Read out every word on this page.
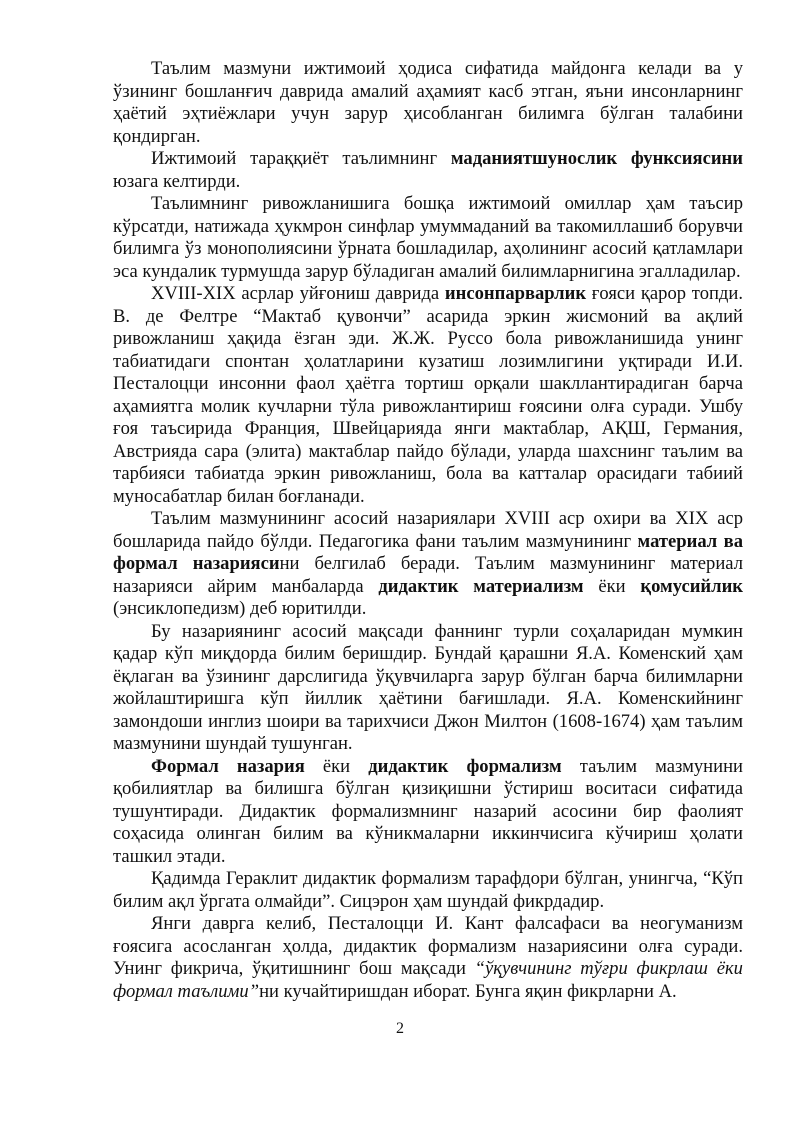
Таълим мазмуни ижтимоий ҳодиса сифатида майдонга келади ва у ўзининг бошланғич даврида амалий аҳамият касб этган, яъни инсонларнинг ҳаётий эҳтиёжлари учун зарур ҳисобланган билимга бўлган талабини қондирган.

Ижтимоий тараққиёт таълимнинг маданиятшунослик функсиясини юзага келтирди.

Таълимнинг ривожланишига бошқа ижтимоий омиллар ҳам таъсир кўрсатди, натижада ҳукмрон синфлар умуммаданий ва такомиллашиб борувчи билимга ўз монополиясини ўрната бошладилар, аҳолининг асосий қатламлари эса кундалик турмушда зарур бўладиган амалий билимларнигина эгалладилар.

XVIII-XIX асрлар уйғониш даврида инсонпарварлик ғояси қарор топди. В. де Фелтре “Мактаб қувончи” асарида эркин жисмоний ва ақлий ривожланиш ҳақида ёзган эди. Ж.Ж. Руссо бола ривожланишида унинг табиатидаги спонтан ҳолатларини кузатиш лозимлигини уқтиради И.И. Песталоцци инсонни фаол ҳаётга тортиш орқали шакллантирадиган барча аҳамиятга молик кучларни тўла ривожлантириш ғоясини олға суради. Ушбу ғоя таъсирида Франция, Швейцарияда янги мактаблар, АҚШ, Германия, Австрияда сара (элита) мактаблар пайдо бўлади, уларда шахснинг таълим ва тарбияси табиатда эркин ривожланиш, бола ва катталар орасидаги табиий муносабатлар билан боғланади.

Таълим мазмунининг асосий назариялари XVIII аср охири ва XIX аср бошларида пайдо бўлди. Педагогика фани таълим мазмунининг материал ва формал назариясини белгилаб беради. Таълим мазмунининг материал назарияси айрим манбаларда дидактик материализм ёки қомусийлик (энсиклопедизм) деб юритилди.

Бу назариянинг асосий мақсади фаннинг турли соҳаларидан мумкин қадар кўп миқдорда билим беришдир. Бундай қарашни Я.А. Коменский ҳам ёқлаган ва ўзининг дарслигида ўқувчиларга зарур бўлган барча билимларни жойлаштиришга кўп йиллик ҳаётини бағишлади. Я.А. Коменскийнинг замондоши инглиз шоири ва тарихчиси Джон Милтон (1608-1674) ҳам таълим мазмунини шундай тушунган.

Формал назария ёки дидактик формализм таълим мазмунини қобилиятлар ва билишга бўлган қизиқишни ўстириш воситаси сифатида тушунтиради. Дидактик формализмнинг назарий асосини бир фаолият соҳасида олинган билим ва кўникмаларни иккинчисига кўчириш ҳолати ташкил этади.

Қадимда Гераклит дидактик формализм тарафдори бўлган, унингча, “Кўп билим ақл ўргата олмайди”. Сицэрон ҳам шундай фикрдадир.

Янги даврга келиб, Песталоцци И. Кант фалсафаси ва неогуманизм ғоясига асосланган ҳолда, дидактик формализм назариясини олға суради. Унинг фикрича, ўқитишнинг бош мақсади “ўқувчининг тўғри фикрлаш ёки формал таълими”ни кучайтиришдан иборат. Бунга яқин фикрларни А.

2
